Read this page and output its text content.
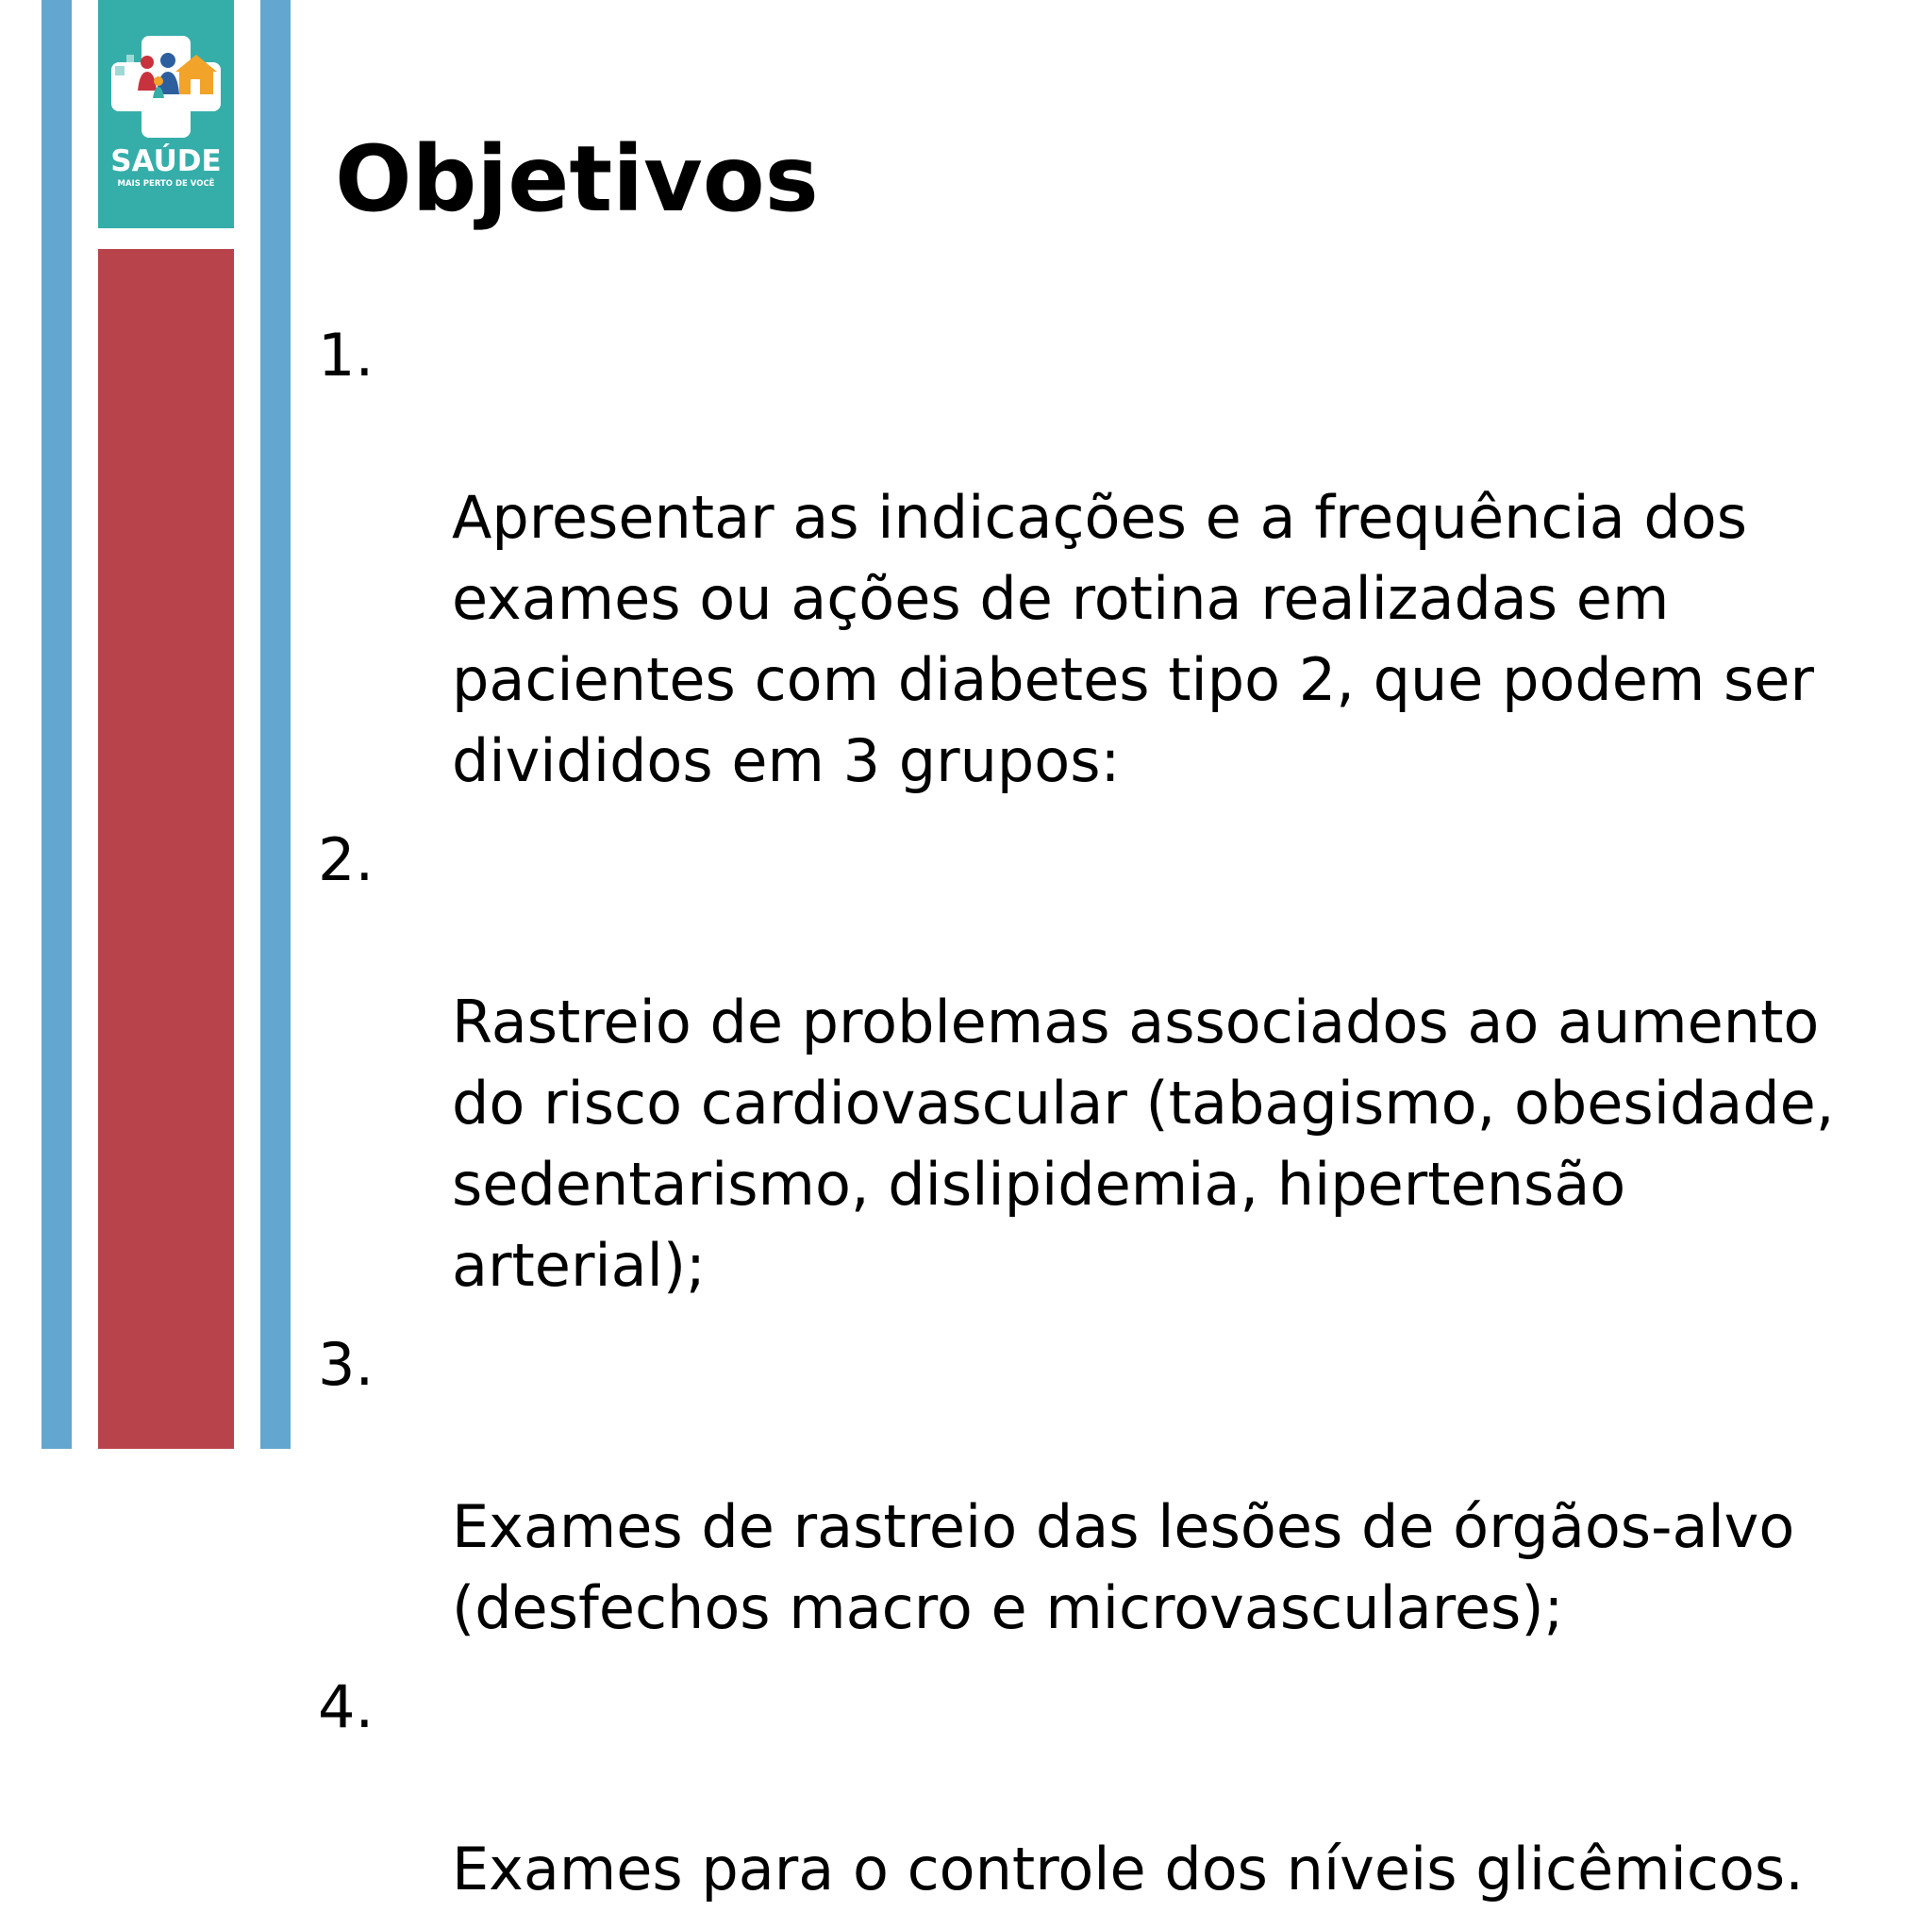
SAÚDE
MAIS PERTO DE VOCÊ Objetivos

1.

Apresentar as indicações e a frequência dos
exames ou ações de rotina realizadas em
pacientes com diabetes tipo 2, que podem ser
divididos em 3 grupos:

2.

Rastreio de problemas associados ao aumento
do risco cardiovascular (tabagismo, obesidade,
sedentarismo, dislipidemia, hipertensão
arterial);

3.

Exames de rastreio das lesões de órgãos-alvo
(desfechos macro e microvasculares);

4.

Exames para o controle dos níveis glicêmicos.
